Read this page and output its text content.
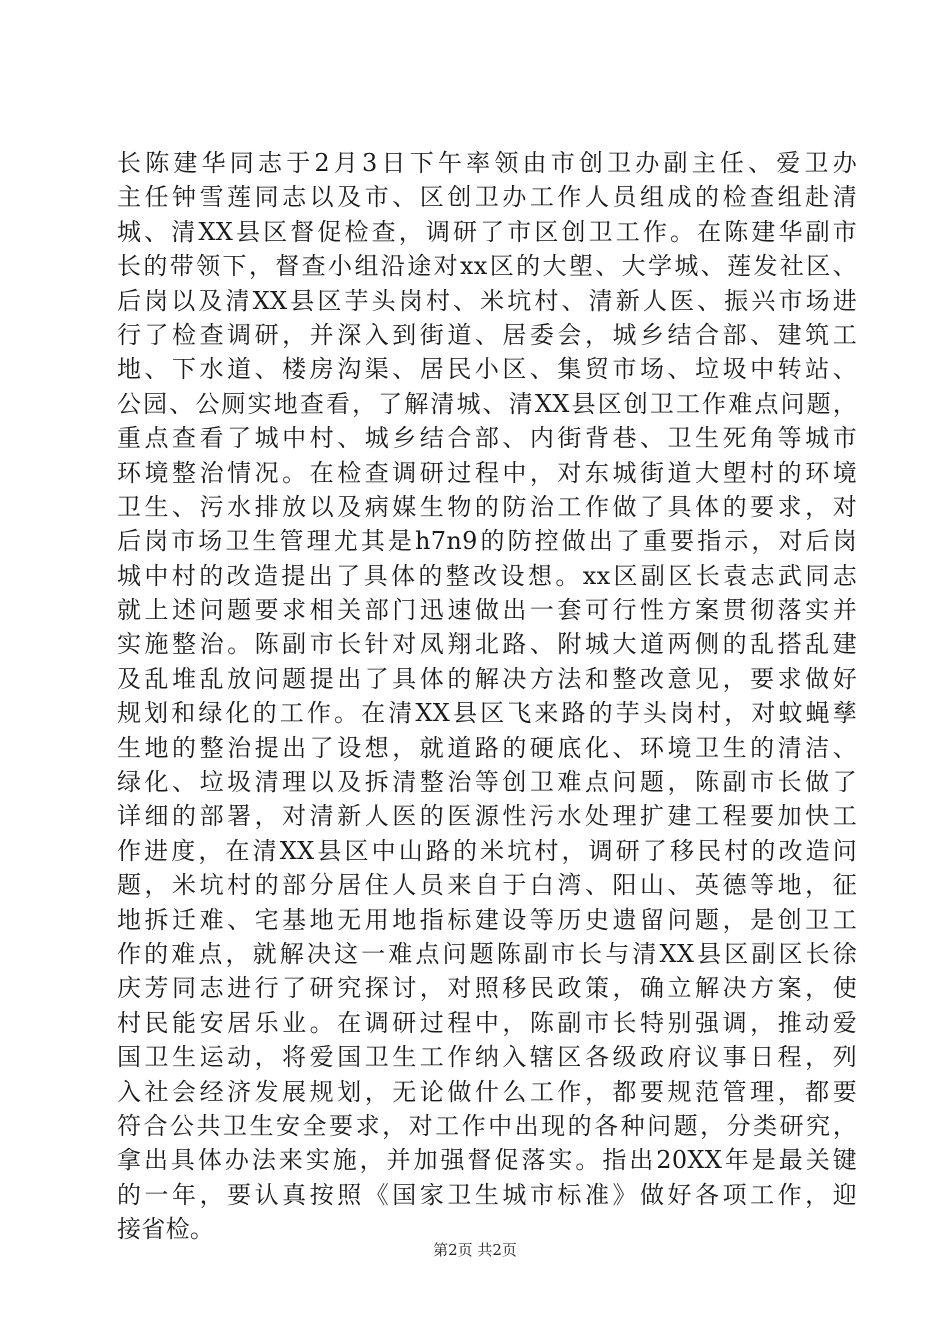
长陈建华同志于2月3日下午率领由市创卫办副主任、爱卫办
主任钟雪莲同志以及市、区创卫办工作人员组成的检查组赴清
城、清XX县区督促检查，调研了市区创卫工作。在陈建华副市
长的带领下，督查小组沿途对xx区的大塱、大学城、莲发社区、
后岗以及清XX县区芋头岗村、米坑村、清新人医、振兴市场进
行了检查调研，并深入到街道、居委会，城乡结合部、建筑工
地、下水道、楼房沟渠、居民小区、集贸市场、垃圾中转站、
公园、公厕实地查看，了解清城、清XX县区创卫工作难点问题，
重点查看了城中村、城乡结合部、内街背巷、卫生死角等城市
环境整治情况。在检查调研过程中，对东城街道大塱村的环境
卫生、污水排放以及病媒生物的防治工作做了具体的要求，对
后岗市场卫生管理尤其是h7n9的防控做出了重要指示，对后岗
城中村的改造提出了具体的整改设想。xx区副区长袁志武同志
就上述问题要求相关部门迅速做出一套可行性方案贯彻落实并
实施整治。陈副市长针对凤翔北路、附城大道两侧的乱搭乱建
及乱堆乱放问题提出了具体的解决方法和整改意见，要求做好
规划和绿化的工作。在清XX县区飞来路的芋头岗村，对蚊蝇孳
生地的整治提出了设想，就道路的硬底化、环境卫生的清洁、
绿化、垃圾清理以及拆清整治等创卫难点问题，陈副市长做了
详细的部署，对清新人医的医源性污水处理扩建工程要加快工
作进度，在清XX县区中山路的米坑村，调研了移民村的改造问
题，米坑村的部分居住人员来自于白湾、阳山、英德等地，征
地拆迁难、宅基地无用地指标建设等历史遗留问题，是创卫工
作的难点，就解决这一难点问题陈副市长与清XX县区副区长徐
庆芳同志进行了研究探讨，对照移民政策，确立解决方案，使
村民能安居乐业。在调研过程中，陈副市长特别强调，推动爱
国卫生运动，将爱国卫生工作纳入辖区各级政府议事日程，列
入社会经济发展规划，无论做什么工作，都要规范管理，都要
符合公共卫生安全要求，对工作中出现的各种问题，分类研究，
拿出具体办法来实施，并加强督促落实。指出20XX年是最关键
的一年，要认真按照《国家卫生城市标准》做好各项工作，迎
接省检。
第2页 共2页
